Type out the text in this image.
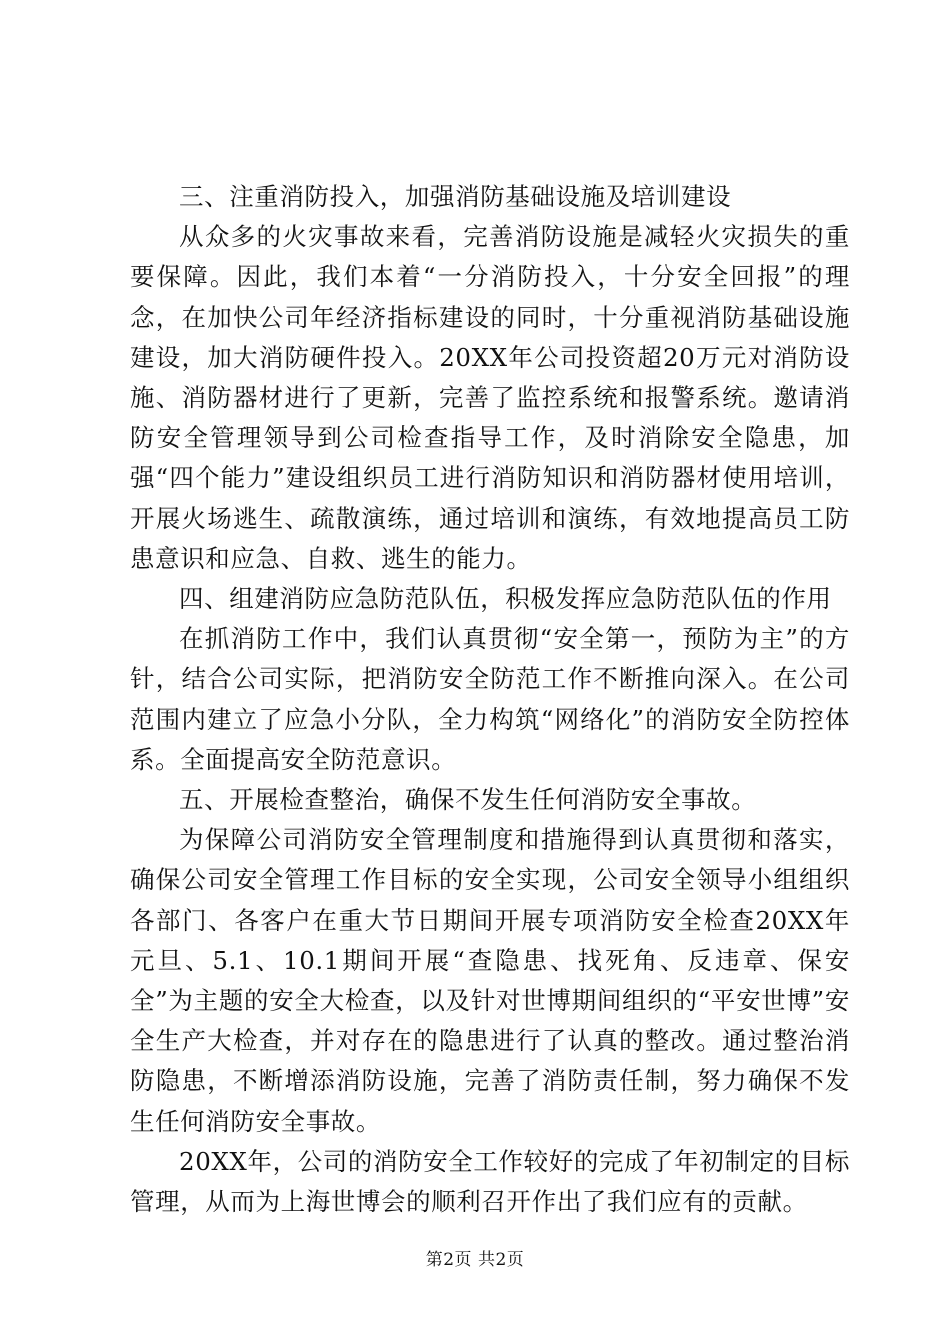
三、注重消防投入，加强消防基础设施及培训建设

从众多的火灾事故来看，完善消防设施是减轻火灾损失的重要保障。因此，我们本着“一分消防投入，十分安全回报”的理念，在加快公司年经济指标建设的同时，十分重视消防基础设施建设，加大消防硬件投入。20XX年公司投资超20万元对消防设施、消防器材进行了更新，完善了监控系统和报警系统。邀请消防安全管理领导到公司检查指导工作，及时消除安全隐患，加强“四个能力”建设组织员工进行消防知识和消防器材使用培训，开展火场逃生、疏散演练，通过培训和演练，有效地提高员工防患意识和应急、自救、逃生的能力。

四、组建消防应急防范队伍，积极发挥应急防范队伍的作用

在抓消防工作中，我们认真贯彻“安全第一，预防为主”的方针，结合公司实际，把消防安全防范工作不断推向深入。在公司范围内建立了应急小分队，全力构筑“网络化”的消防安全防控体系。全面提高安全防范意识。

五、开展检查整治，确保不发生任何消防安全事故。

为保障公司消防安全管理制度和措施得到认真贯彻和落实，确保公司安全管理工作目标的安全实现，公司安全领导小组组织各部门、各客户在重大节日期间开展专项消防安全检查20XX年元旦、5.1、10.1期间开展“查隐患、找死角、反违章、保安全”为主题的安全大检查，以及针对世博期间组织的“平安世博”安全生产大检查，并对存在的隐患进行了认真的整改。通过整治消防隐患，不断增添消防设施，完善了消防责任制，努力确保不发生任何消防安全事故。

20XX年，公司的消防安全工作较好的完成了年初制定的目标管理，从而为上海世博会的顺利召开作出了我们应有的贡献。

第2页 共2页
